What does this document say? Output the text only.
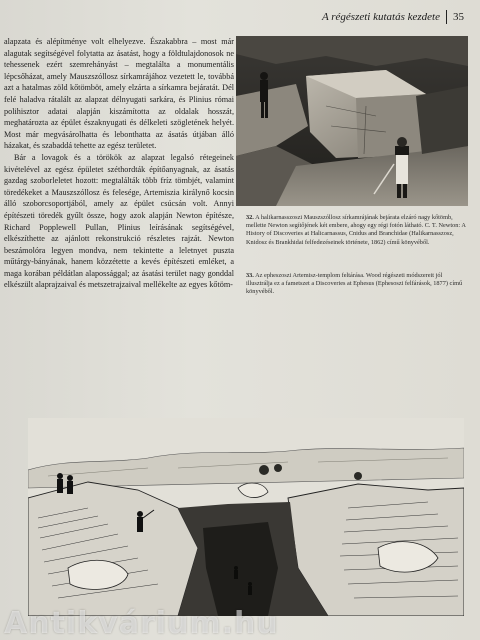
A régészeti kutatás kezdete 35

alapzata és alépítménye volt elhelyezve. Északabbra – most már alagutak segítségével folytatta az ásatást, hogy a földtulajdonosok ne tehessenek ezért szemrehányást – megtalálta a monumentális lépcsőházat, amely Mauszszóllosz sírkamrájához vezetett le, továbbá azt a hatalmas zöld kőtömböt, amely elzárta a sírkamra bejáratát. Dél felé haladva rátalált az alapzat délnyugati sarkára, és Plinius római polihisztor adatai alapján kiszámította az oldalak hosszát, meghatározta az épület északnyugati és délkeleti szögletének helyét. Most már megvásárolhatta és lebonthatta az ásatás útjában álló házakat, és szabaddá tehette az egész területet.

Bár a lovagok és a törökök az alapzat legalsó rétegeinek kivételével az egész épületet széthordták építőanyagnak, az ásatás gazdag szoborleletet hozott: megtalálták több fríz tömbjét, valamint töredékeket a Mauszszóllosz és felesége, Artemiszia királynő kocsin álló szoborcsoportjából, amely az épület csúcsán volt. Annyi építészeti töredék gyűlt össze, hogy azok alapján Newton építésze, Richard Popplewell Pullan, Plinius leírásának segítségével, elkészíthette az ajánlott rekonstrukció részletes rajzát. Newton beszámolóra legyen mondva, nem tekintette a leletnyet puszta műtárgy-bányának, hanem közzétette a kevés építészeti emléket, a maga korában példátlan alapossággal; az ásatási terület nagy gonddal elkészült alaprajzaival és metszetrajzaival mellékelte az egyes kőtöm-

32. A halikarnasszoszi Mauszszóllosz sírkamrájának bejárata elzáró nagy kőtömb, mellette Newton segítőjének két embere, ahogy egy régi fotón látható. C. T. Newton: A History of Discoveries at Halicarnassus, Cnidus and Branchidae (Halikarnasszosz, Knidosz és Brankhidai felfedezéseinek története, 1862) című könyvéből.
33. Az epheszoszi Artemisz-templom feltárása. Wood régészeti módszereit jól illusztrálja ez a fametszet a Discoveries at Ephesus (Ephesoszi felfárások, 1877) című könyvéből.
Antikvárium.hu
